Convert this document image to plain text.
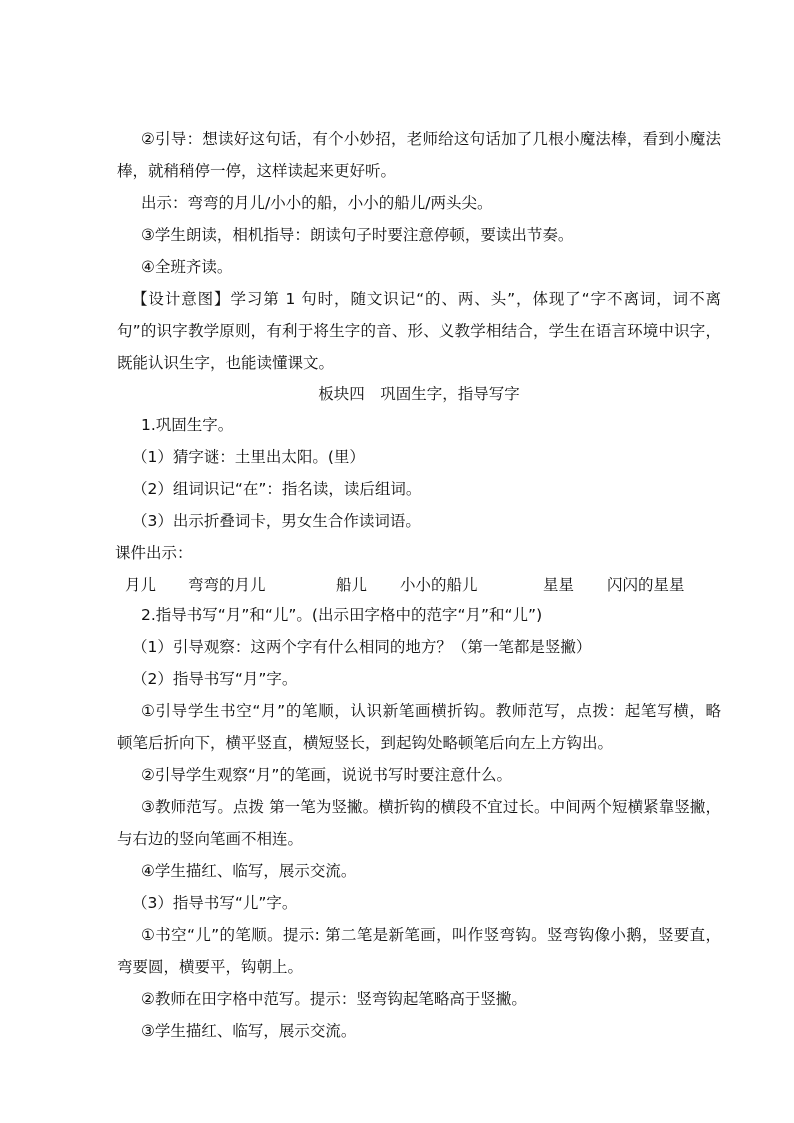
②引导：想读好这句话，有个小妙招，老师给这句话加了几根小魔法棒，看到小魔法
棒，就稍稍停一停，这样读起来更好听。
出示：弯弯的月儿/小小的船，小小的船儿/两头尖。
③学生朗读，相机指导：朗读句子时要注意停顿，要读出节奏。
④全班齐读。
【设计意图】学习第 1 句时，随文识记“的、两、头”，体现了“字不离词，词不离
句”的识字教学原则，有利于将生字的音、形、义教学相结合，学生在语言环境中识字，
既能认识生字，也能读懂课文。
板块四　巩固生字，指导写字
1.巩固生字。
（1）猜字谜：土里出太阳。(里）
（2）组词识记“在”：指名读，读后组词。
（3）出示折叠词卡，男女生合作读词语。
课件出示：
月儿 弯弯的月儿	船儿 小小的船儿	星星 闪闪的星星
2.指导书写“月”和“儿”。(出示田字格中的范字“月”和“儿”)
（1）引导观察：这两个字有什么相同的地方？（第一笔都是竖撇）
（2）指导书写“月”字。
①引导学生书空“月”的笔顺，认识新笔画横折钩。教师范写，点拨：起笔写横，略
顿笔后折向下，横平竖直，横短竖长，到起钩处略顿笔后向左上方钩出。
②引导学生观察“月”的笔画，说说书写时要注意什么。
③教师范写。点拨 第一笔为竖撇。横折钩的横段不宜过长。中间两个短横紧靠竖撇，
与右边的竖向笔画不相连。
④学生描红、临写，展示交流。
（3）指导书写“儿”字。
①书空“儿”的笔顺。提示: 第二笔是新笔画，叫作竖弯钩。竖弯钩像小鹅，竖要直，
弯要圆，横要平，钩朝上。
②教师在田字格中范写。提示：竖弯钩起笔略高于竖撇。
③学生描红、临写，展示交流。
